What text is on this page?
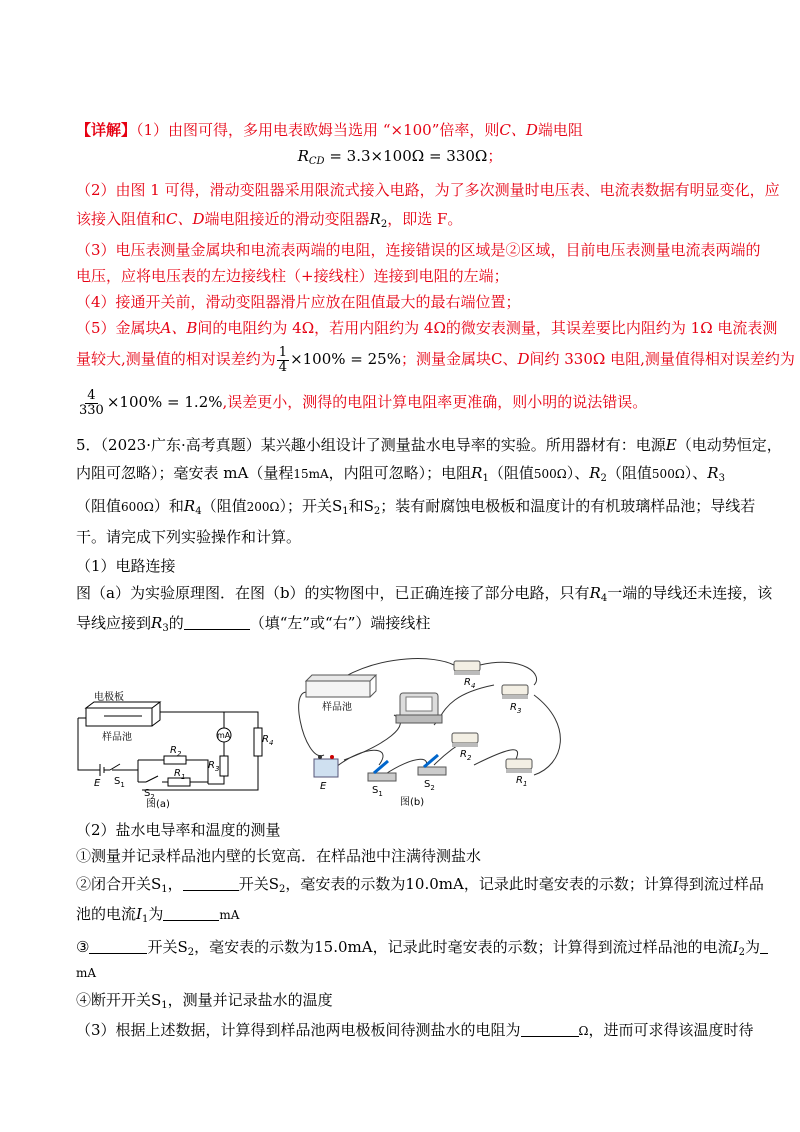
【详解】（1）由图可得，多用电表欧姆当选用 “×100”倍率，则C、D端电阻
$R_{CD} = 3.3\times 100\Omega = 330\Omega$；
（2）由图 1 可得，滑动变阻器采用限流式接入电路，为了多次测量时电压表、电流表数据有明显变化，应
该接入阻值和C、D端电阻接近的滑动变阻器$R_2$，即选 F。
（3）电压表测量金属块和电流表两端的电阻，连接错误的区域是②区域，目前电压表测量电流表两端的
电压，应将电压表的左边接线柱（+接线柱）连接到电阻的左端；
（4）接通开关前，滑动变阻器滑片应放在阻值最大的最右端位置；
（5）金属块A、B间的电阻约为 4Ω，若用内阻约为 4Ω的微安表测量，其误差要比内阻约为 1Ω 电流表测
量较大,测量值的相对误差约为 $\frac{1}{4} \times 100\% = 25\%$；测量金属块C、D间约 330Ω 电阻,测量值得相对误差约为
$\frac{4}{330} \times 100\% = 1.2\%$,误差更小，测得的电阻计算电阻率更准确，则小明的说法错误。
5．（2023·广东·高考真题）某兴趣小组设计了测量盐水电导率的实验。所用器材有：电源E（电动势恒定，
内阻可忽略）；毫安表 mA（量程15mA，内阻可忽略）；电阻$R_1$（阻值500Ω）、$R_2$（阻值500Ω）、$R_3$
（阻值600Ω）和$R_4$（阻值200Ω）；开关$S_1$和$S_2$；装有耐腐蚀电极板和温度计的有机玻璃样品池；导线若
干。请完成下列实验操作和计算。
（1）电路连接
图（a）为实验原理图．在图（b）的实物图中，已正确连接了部分电路，只有$R_4$一端的导线还未连接，该
导线应接到$R_3$的	（填“左”或“右”）端接线柱
电极板
样品池	mA	$R_4$
$R_3$
$R_2$
$R_1$
E $S_1$
$S_2$
图(a)
样品池
$R_4$
$R_3$
$R_2$
$R_1$
E	$S_1$
$S_2$
图(b)
（2）盐水电导率和温度的测量
①测量并记录样品池内壁的长宽高．在样品池中注满待测盐水
②闭合开关$S_1$，	开关$S_2$，毫安表的示数为10.0mA，记录此时毫安表的示数；计算得到流过样品
池的电流$I_1$为	mA
③	开关$S_2$，毫安表的示数为15.0mA，记录此时毫安表的示数；计算得到流过样品池的电流$I_2$为
mA
④断开开关$S_1$，测量并记录盐水的温度
（3）根据上述数据，计算得到样品池两电极板间待测盐水的电阻为	Ω，进而可求得该温度时待
